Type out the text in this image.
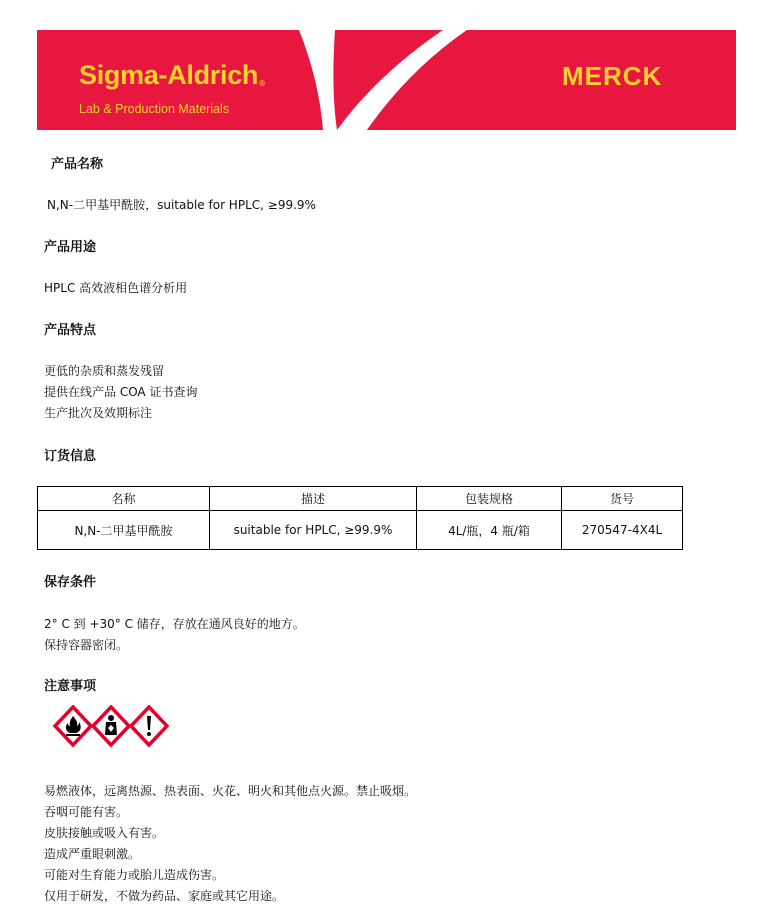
Sigma-Aldrich®
Lab & Production Materials
MERCK
产品名称
N,N-二甲基甲酰胺，suitable for HPLC, ≥99.9%
产品用途
HPLC 高效液相色谱分析用
产品特点
更低的杂质和蒸发残留
提供在线产品 COA 证书查询
生产批次及效期标注
订货信息
名称	描述	包装规格	货号
N,N-二甲基甲酰胺	suitable for HPLC, ≥99.9%	4L/瓶，4 瓶/箱	270547-4X4L
保存条件
2° C 到 +30° C 储存，存放在通风良好的地方。
保持容器密闭。
注意事项
易燃液体，远离热源、热表面、火花、明火和其他点火源。禁止吸烟。
吞咽可能有害。
皮肤接触或吸入有害。
造成严重眼刺激。
可能对生育能力或胎儿造成伤害。
仅用于研发，不做为药品、家庭或其它用途。
